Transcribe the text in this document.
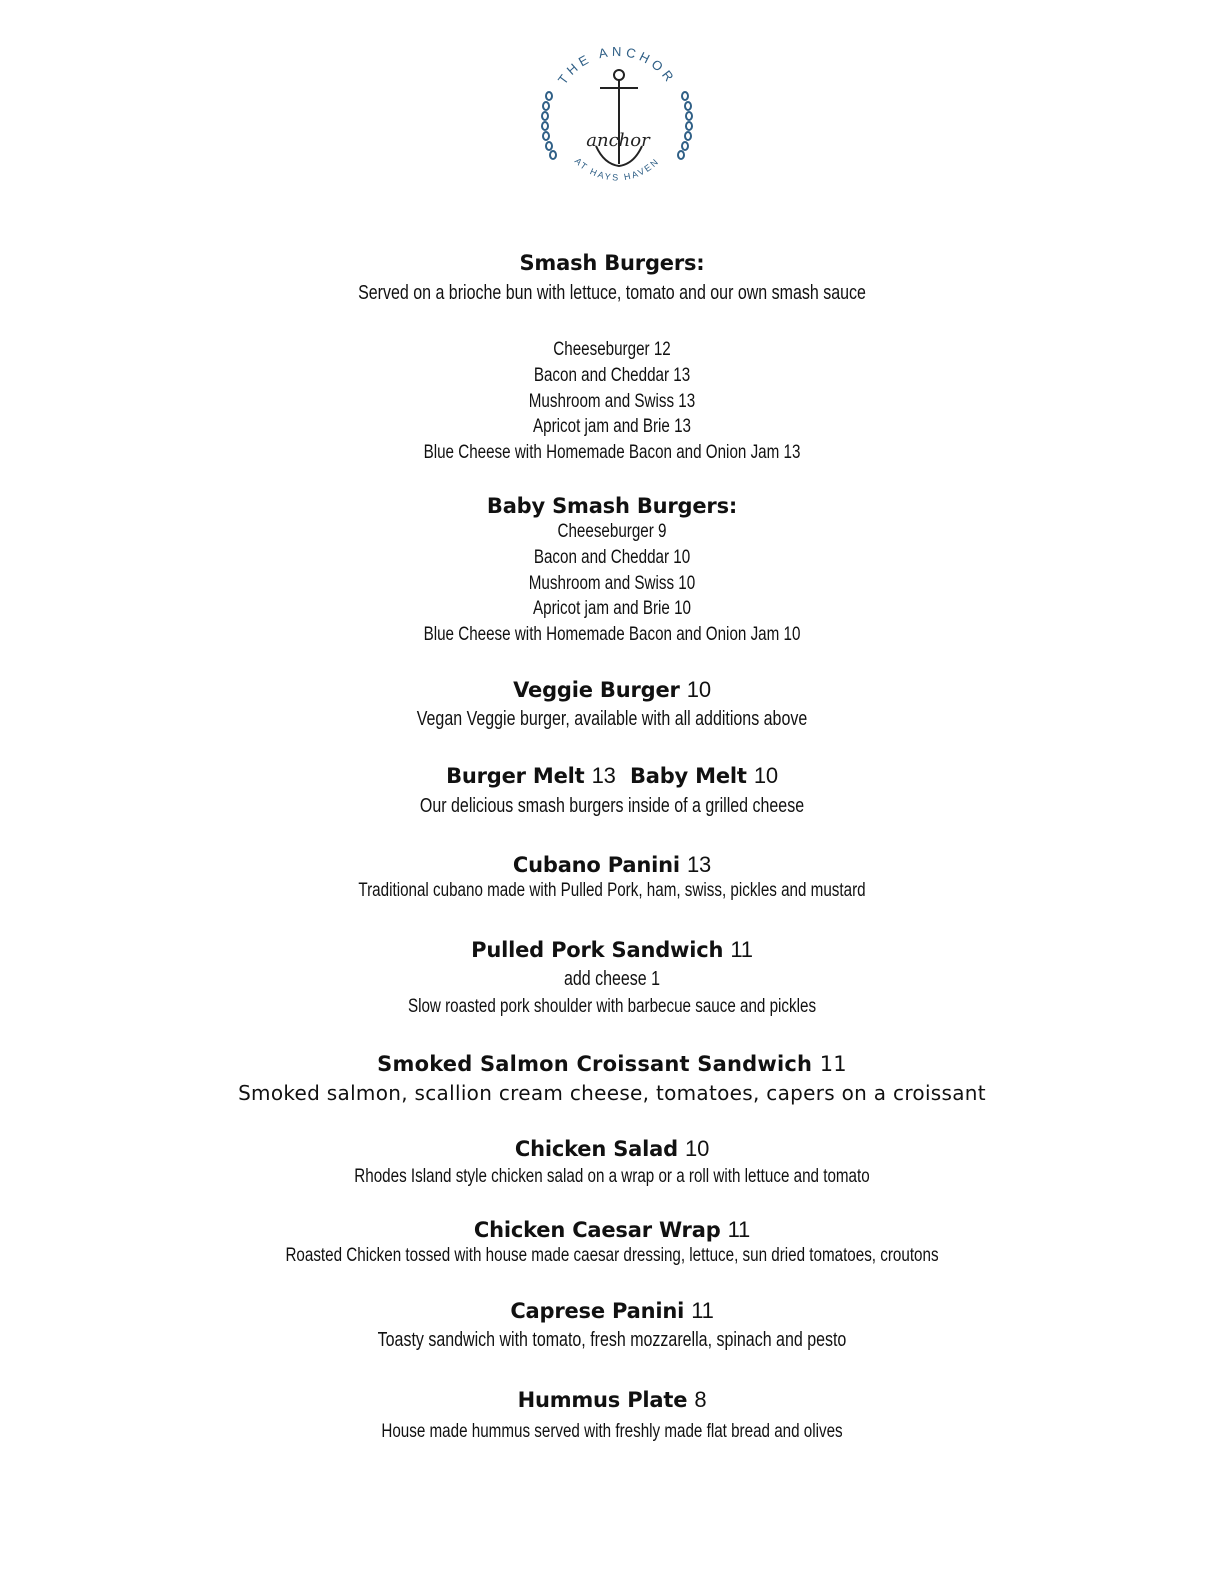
THE ANCHOR
AT HAYS HAVEN
anchor
Smash Burgers:
Served on a brioche bun with lettuce, tomato and our own smash sauce
Cheeseburger 12
Bacon and Cheddar 13
Mushroom and Swiss 13
Apricot jam and Brie 13
Blue Cheese with Homemade Bacon and Onion Jam 13
Baby Smash Burgers:
Cheeseburger 9
Bacon and Cheddar 10
Mushroom and Swiss 10
Apricot jam and Brie 10
Blue Cheese with Homemade Bacon and Onion Jam 10
Veggie Burger 10
Vegan Veggie burger, available with all additions above
Burger Melt 13 Baby Melt 10
Our delicious smash burgers inside of a grilled cheese
Cubano Panini 13
Traditional cubano made with Pulled Pork, ham, swiss, pickles and mustard
Pulled Pork Sandwich 11
add cheese 1
Slow roasted pork shoulder with barbecue sauce and pickles
Smoked Salmon Croissant Sandwich 11
Smoked salmon, scallion cream cheese, tomatoes, capers on a croissant
Chicken Salad 10
Rhodes Island style chicken salad on a wrap or a roll with lettuce and tomato
Chicken Caesar Wrap 11
Roasted Chicken tossed with house made caesar dressing, lettuce, sun dried tomatoes, croutons
Caprese Panini 11
Toasty sandwich with tomato, fresh mozzarella, spinach and pesto
Hummus Plate 8
House made hummus served with freshly made flat bread and olives
